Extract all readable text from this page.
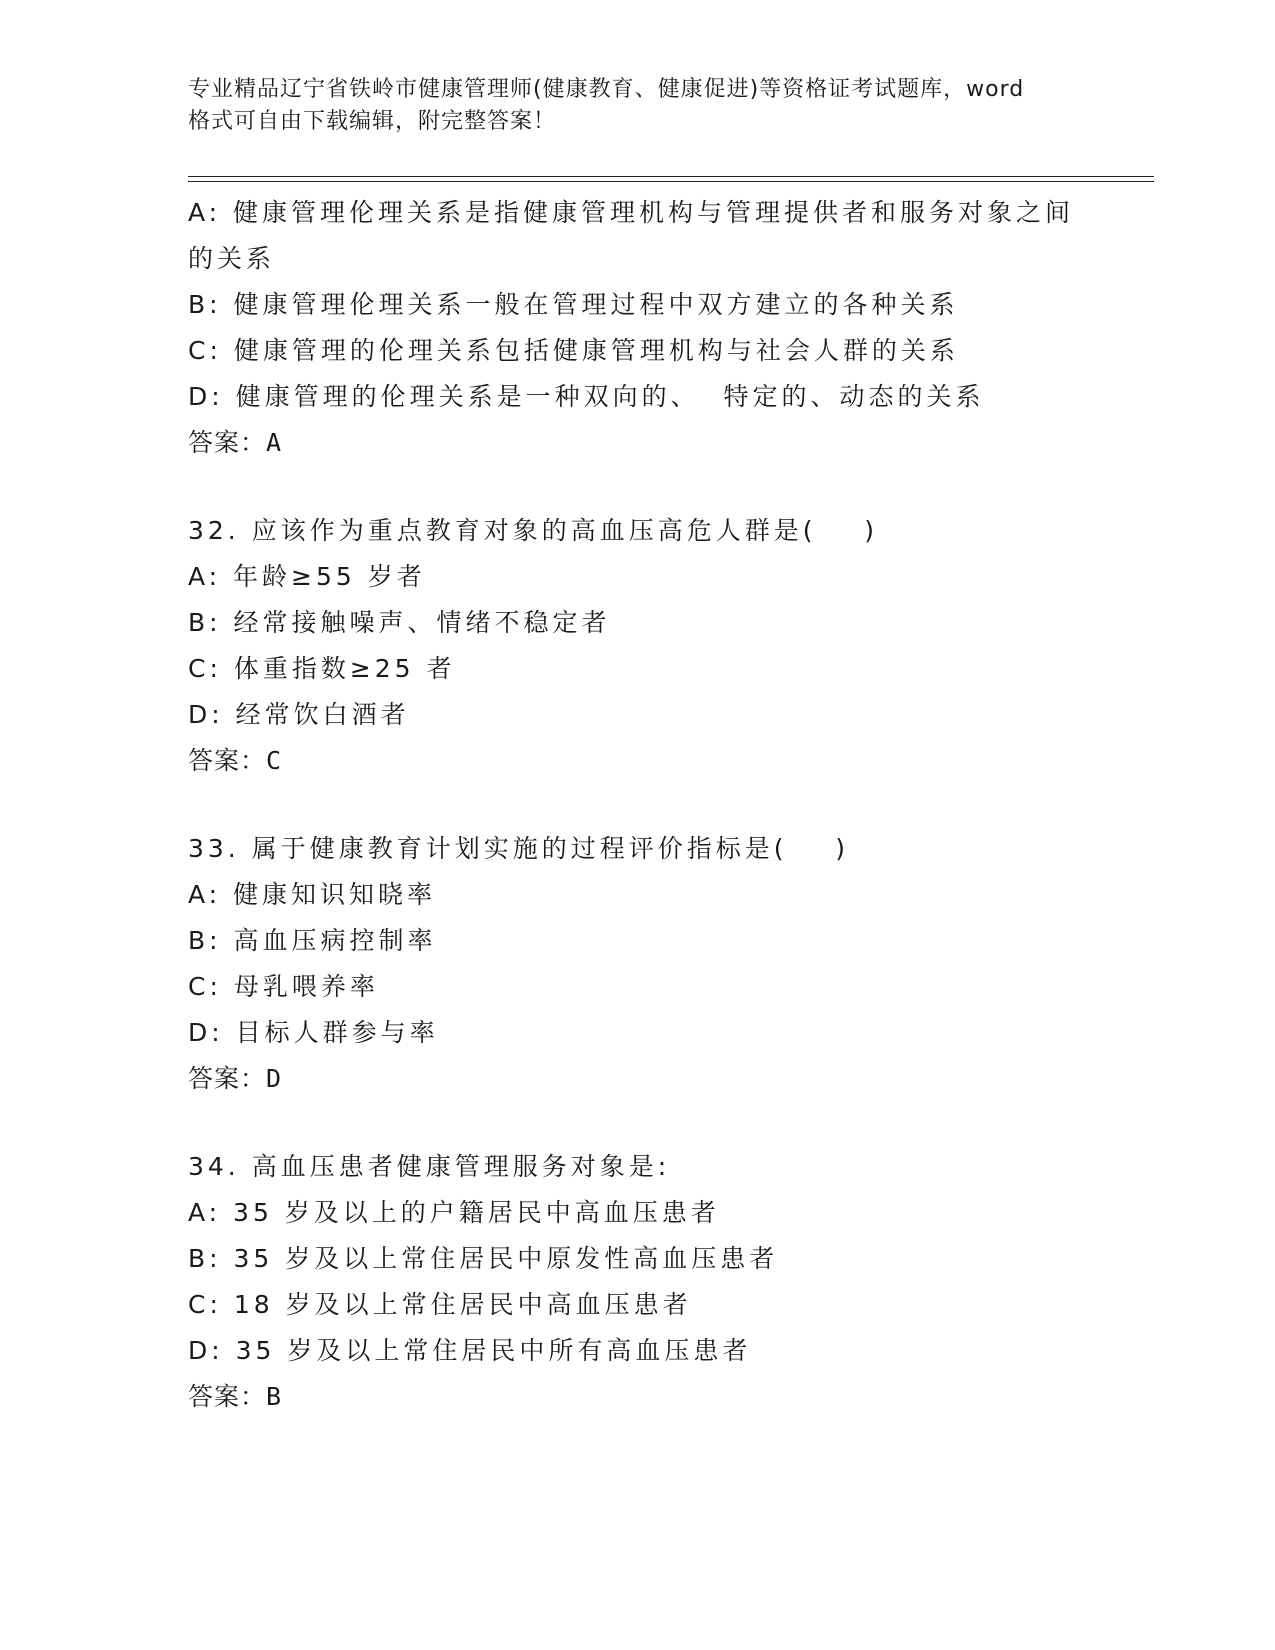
专业精品辽宁省铁岭市健康管理师(健康教育、健康促进)等资格证考试题库，word
格式可自由下载编辑，附完整答案！
A: 健康管理伦理关系是指健康管理机构与管理提供者和服务对象之间
的关系
B: 健康管理伦理关系一般在管理过程中双方建立的各种关系
C: 健康管理的伦理关系包括健康管理机构与社会人群的关系
D: 健康管理的伦理关系是一种双向的、  特定的、动态的关系
答案：A
32. 应该作为重点教育对象的高血压高危人群是(    )
A: 年龄≥55 岁者
B: 经常接触噪声、情绪不稳定者
C: 体重指数≥25 者
D: 经常饮白酒者
答案：C
33. 属于健康教育计划实施的过程评价指标是(    )
A: 健康知识知晓率
B: 高血压病控制率
C: 母乳喂养率
D: 目标人群参与率
答案：D
34. 高血压患者健康管理服务对象是:
A: 35 岁及以上的户籍居民中高血压患者
B: 35 岁及以上常住居民中原发性高血压患者
C: 18 岁及以上常住居民中高血压患者
D: 35 岁及以上常住居民中所有高血压患者
答案：B
